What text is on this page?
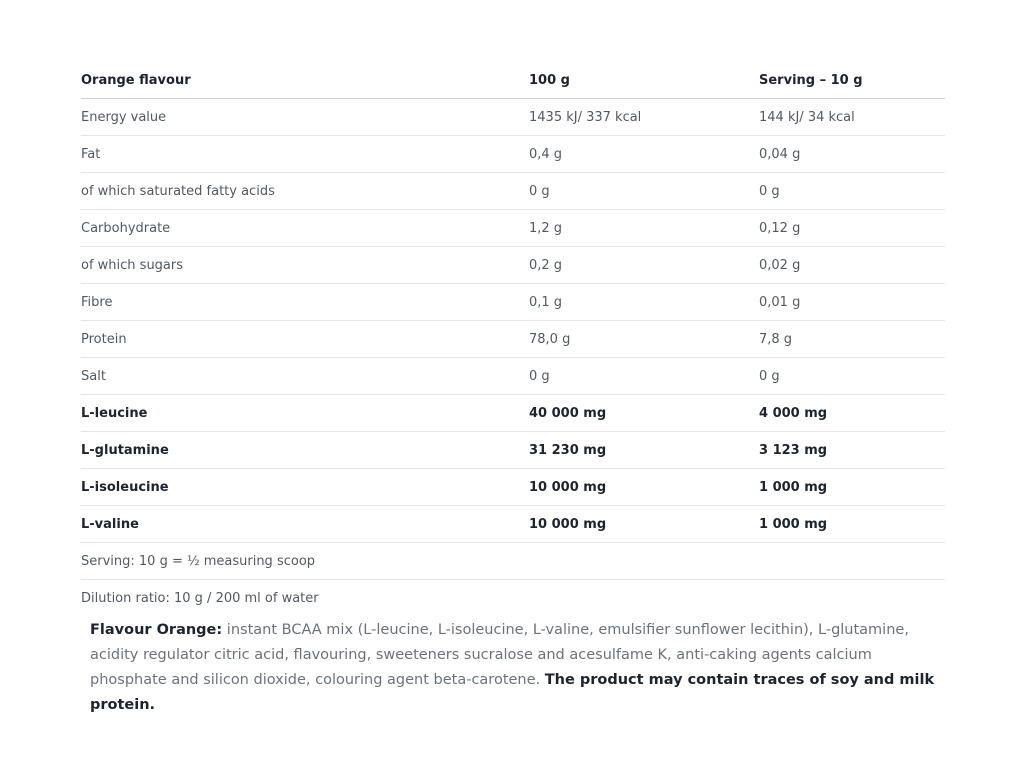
Orange flavour	100 g	Serving – 10 g
Energy value	1435 kJ/ 337 kcal	144 kJ/ 34 kcal
Fat	0,4 g	0,04 g
of which saturated fatty acids	0 g	0 g
Carbohydrate	1,2 g	0,12 g
of which sugars	0,2 g	0,02 g
Fibre	0,1 g	0,01 g
Protein	78,0 g	7,8 g
Salt	0 g	0 g
L-leucine	40 000 mg	4 000 mg
L-glutamine	31 230 mg	3 123 mg
L-isoleucine	10 000 mg	1 000 mg
L-valine	10 000 mg	1 000 mg
Serving: 10 g = ½ measuring scoop		
Dilution ratio: 10 g / 200 ml of water		

Flavour Orange: instant BCAA mix (L-leucine, L-isoleucine, L-valine, emulsifier sunflower lecithin), L-glutamine, acidity regulator citric acid, flavouring, sweeteners sucralose and acesulfame K, anti-caking agents calcium phosphate and silicon dioxide, colouring agent beta-carotene. The product may contain traces of soy and milk protein.
